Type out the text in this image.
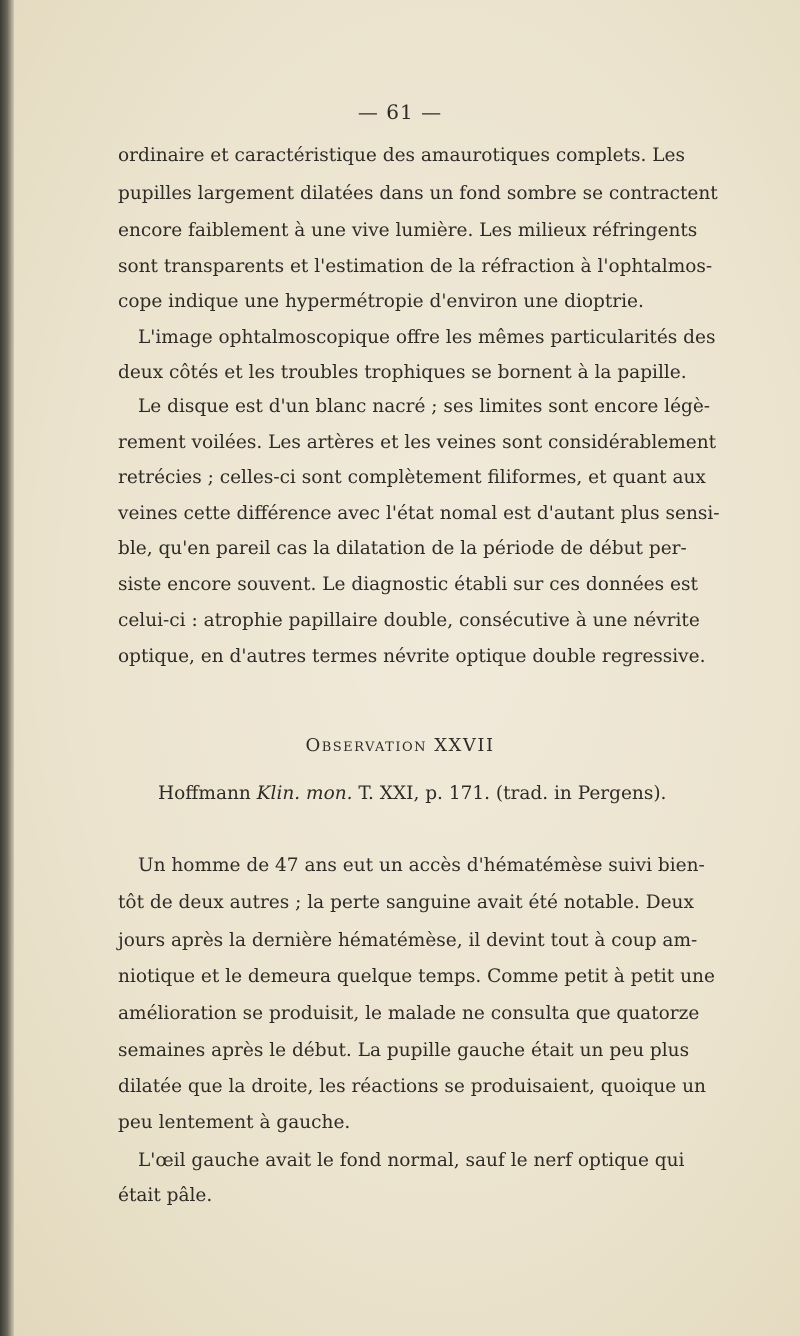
— 61 —
ordinaire et caractéristique des amaurotiques complets. Les
pupilles largement dilatées dans un fond sombre se contractent
encore faiblement à une vive lumière. Les milieux réfringents
sont transparents et l'estimation de la réfraction à l'ophtalmos-
cope indique une hypermétropie d'environ une dioptrie.
L'image ophtalmoscopique offre les mêmes particularités des
deux côtés et les troubles trophiques se bornent à la papille.
Le disque est d'un blanc nacré ; ses limites sont encore légè-
rement voilées. Les artères et les veines sont considérablement
retrécies ; celles-ci sont complètement filiformes, et quant aux
veines cette différence avec l'état nomal est d'autant plus sensi-
ble, qu'en pareil cas la dilatation de la période de début per-
siste encore souvent. Le diagnostic établi sur ces données est
celui-ci : atrophie papillaire double, consécutive à une névrite
optique, en d'autres termes névrite optique double regressive.
Observation XXVII
Hoffmann Klin. mon. T. XXI, p. 171. (trad. in Pergens).
Un homme de 47 ans eut un accès d'hématémèse suivi bien-
tôt de deux autres ; la perte sanguine avait été notable. Deux
jours après la dernière hématémèse, il devint tout à coup am-
niotique et le demeura quelque temps. Comme petit à petit une
amélioration se produisit, le malade ne consulta que quatorze
semaines après le début. La pupille gauche était un peu plus
dilatée que la droite, les réactions se produisaient, quoique un
peu lentement à gauche.
L'œil gauche avait le fond normal, sauf le nerf optique qui
était pâle.
